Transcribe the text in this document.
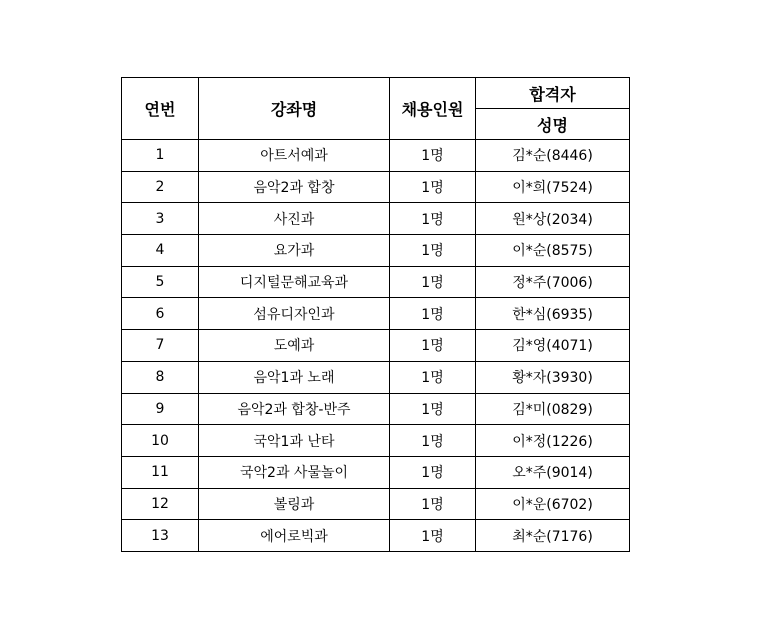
연번	강좌명	채용인원	합격자
			성명
1	아트서예과	1명	김*순(8446)
2	음악2과 합창	1명	이*희(7524)
3	사진과	1명	원*상(2034)
4	요가과	1명	이*순(8575)
5	디지털문해교육과	1명	정*주(7006)
6	섬유디자인과	1명	한*심(6935)
7	도예과	1명	김*영(4071)
8	음악1과 노래	1명	황*자(3930)
9	음악2과 합창-반주	1명	김*미(0829)
10	국악1과 난타	1명	이*정(1226)
11	국악2과 사물놀이	1명	오*주(9014)
12	볼링과	1명	이*운(6702)
13	에어로빅과	1명	최*순(7176)
